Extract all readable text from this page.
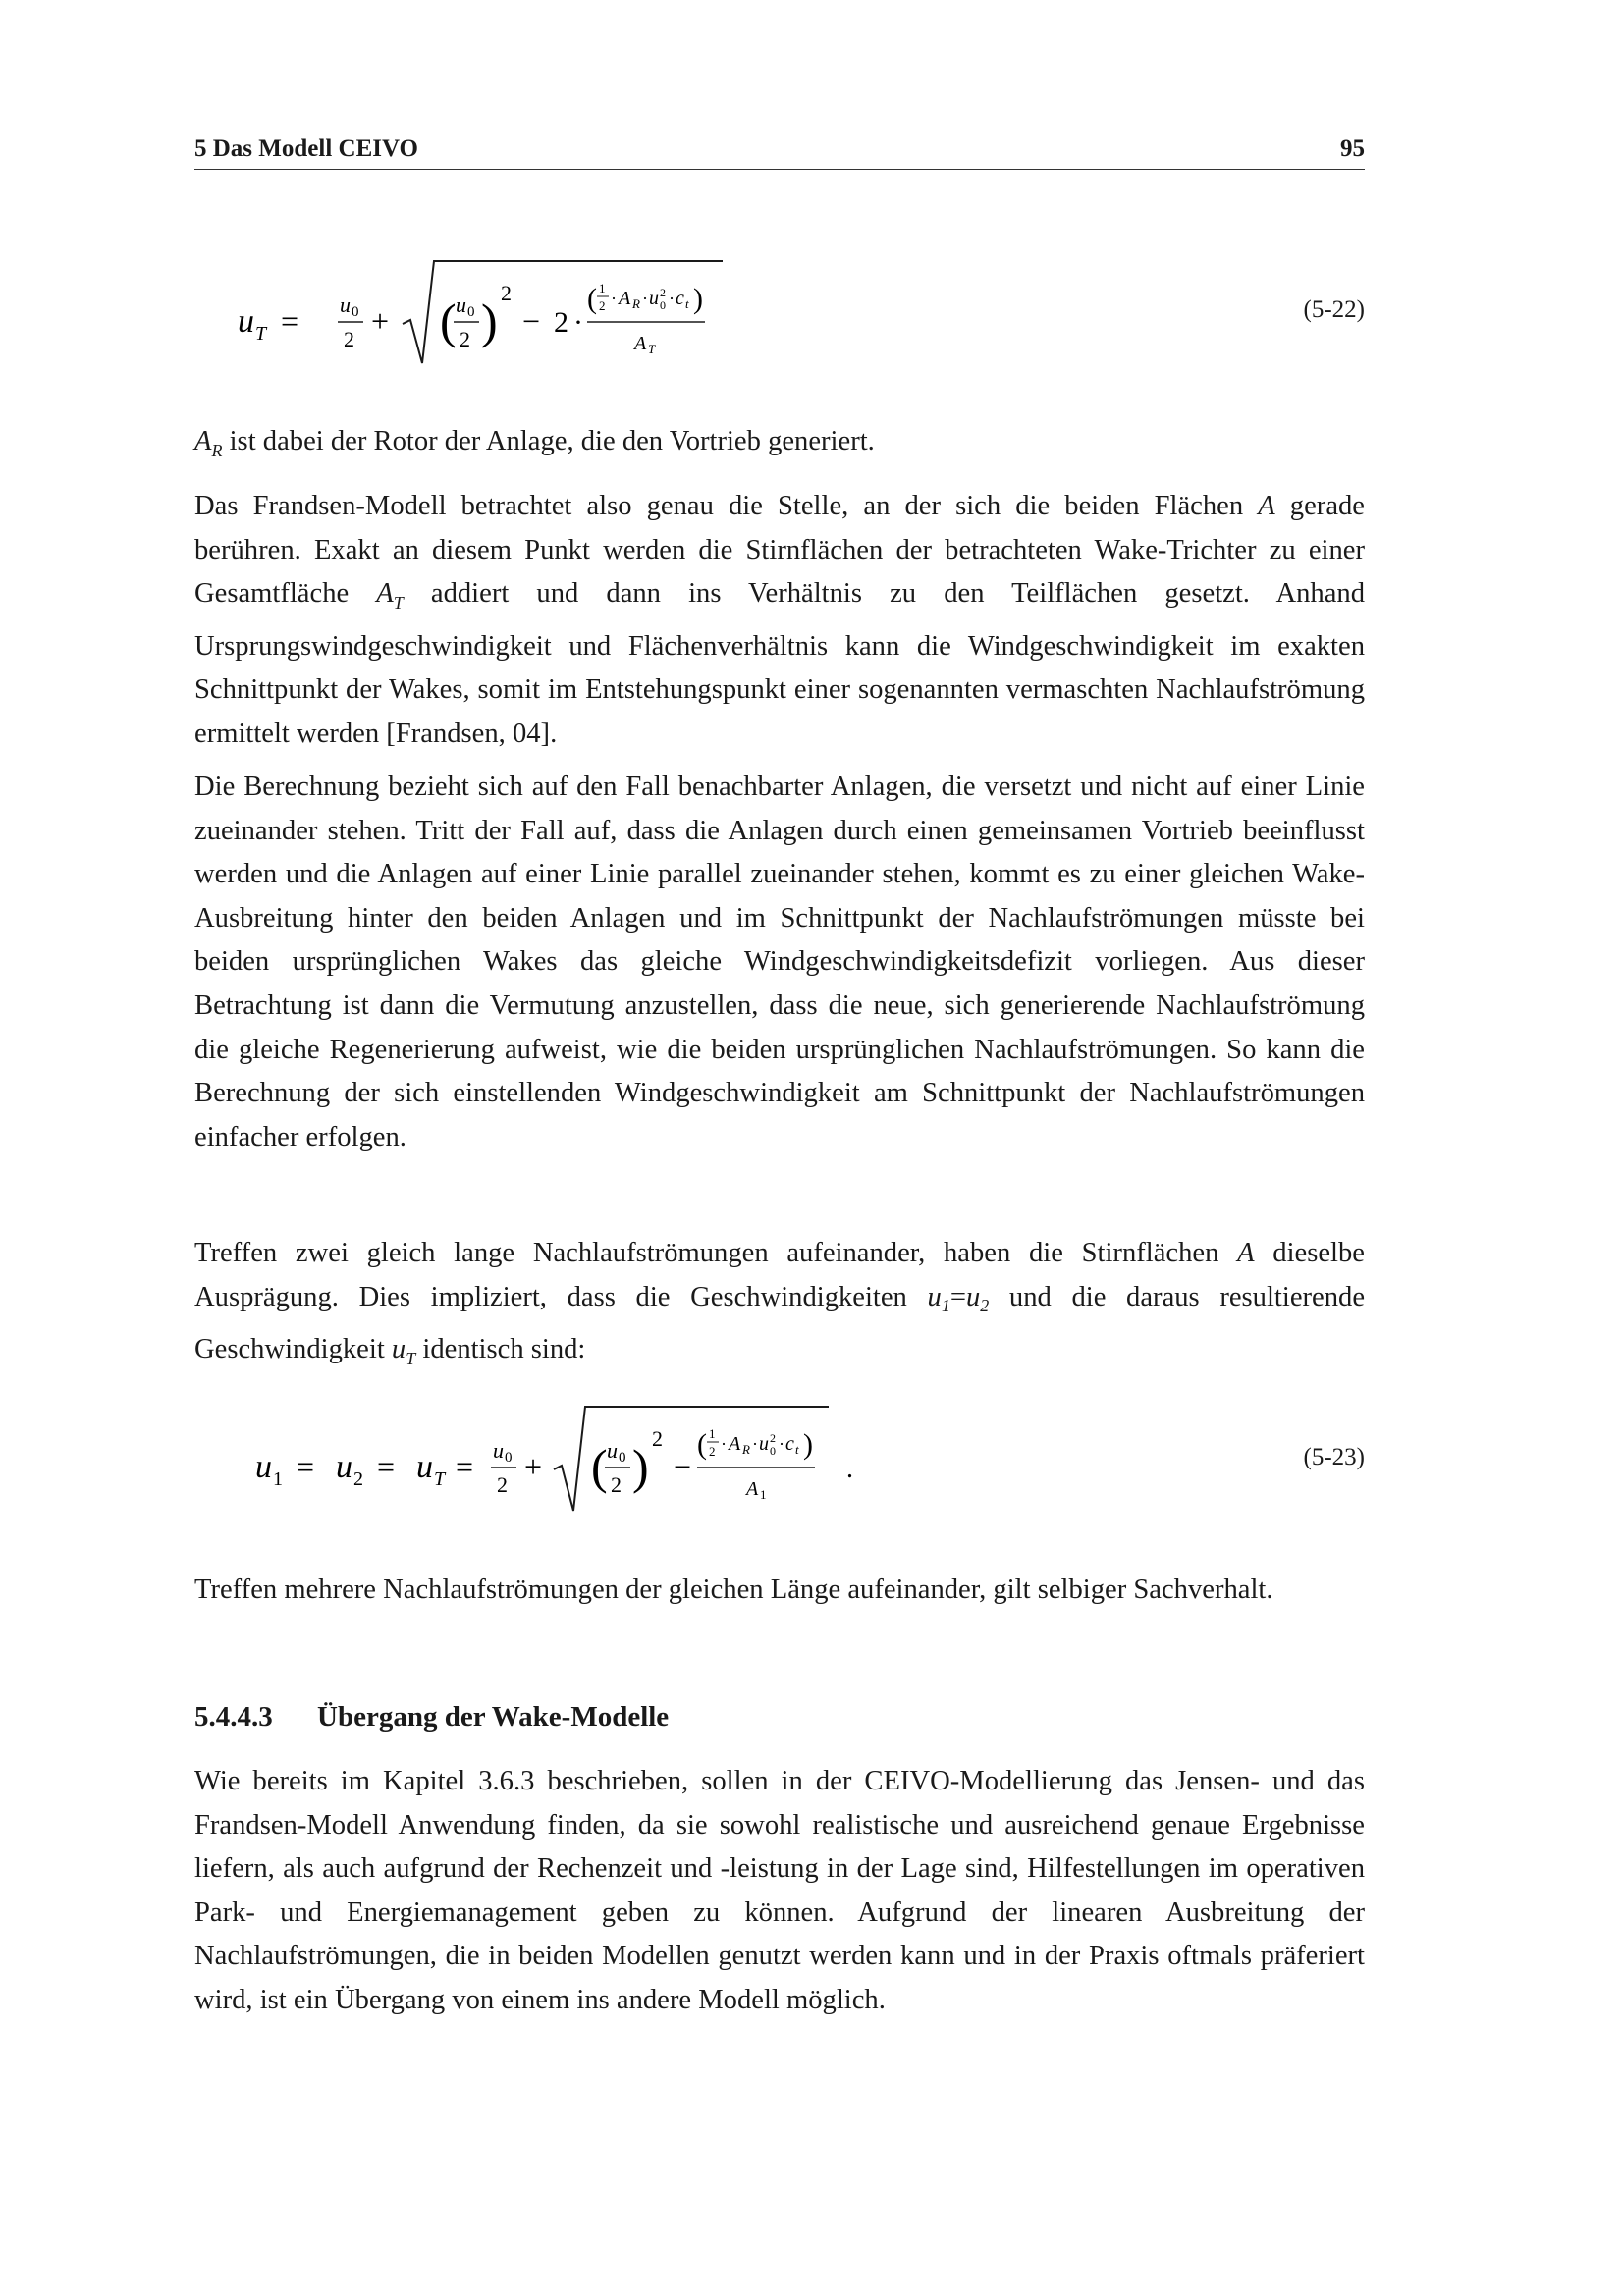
5 Das Modell CEIVO	95
u T = u 0
2
+ ( u 0
2 )
2
− 2 ·
( 1
2 · A R · u 2
0 · c t )
A T
(5-22)

$A_R$ ist dabei der Rotor der Anlage, die den Vortrieb generiert.

Das Frandsen-Modell betrachtet also genau die Stelle, an der sich die beiden Flächen A gerade berühren. Exakt an diesem Punkt werden die Stirnflächen der betrachteten Wake-Trichter zu einer Gesamtfläche $A_T$ addiert und dann ins Verhältnis zu den Teilflächen gesetzt. Anhand Ursprungswindgeschwindigkeit und Flächenverhältnis kann die Windgeschwindigkeit im exakten Schnittpunkt der Wakes, somit im Entstehungspunkt einer sogenannten vermaschten Nachlaufströmung ermittelt werden [Frandsen, 04].

Die Berechnung bezieht sich auf den Fall benachbarter Anlagen, die versetzt und nicht auf einer Linie zueinander stehen. Tritt der Fall auf, dass die Anlagen durch einen gemeinsamen Vortrieb beeinflusst werden und die Anlagen auf einer Linie parallel zueinander stehen, kommt es zu einer gleichen Wake-Ausbreitung hinter den beiden Anlagen und im Schnittpunkt der Nachlaufströmungen müsste bei beiden ursprünglichen Wakes das gleiche Windgeschwindigkeitsdefizit vorliegen. Aus dieser Betrachtung ist dann die Vermutung anzustellen, dass die neue, sich generierende Nachlaufströmung die gleiche Regenerierung aufweist, wie die beiden ursprünglichen Nachlaufströmungen. So kann die Berechnung der sich einstellenden Windgeschwindigkeit am Schnittpunkt der Nachlaufströmungen einfacher erfolgen.

Treffen zwei gleich lange Nachlaufströmungen aufeinander, haben die Stirnflächen A dieselbe Ausprägung. Dies impliziert, dass die Geschwindigkeiten $u_1=u_2$ und die daraus resultierende Geschwindigkeit $u_T$ identisch sind:

u 1 = u 2 = u T = u 0
2
+ ( u 0
2 )
2
−
( 1
2 · A R · u 2
0 · c t )
A 1
.	(5-23)

Treffen mehrere Nachlaufströmungen der gleichen Länge aufeinander, gilt selbiger Sachverhalt.

5.4.4.3 Übergang der Wake-Modelle

Wie bereits im Kapitel 3.6.3 beschrieben, sollen in der CEIVO-Modellierung das Jensen- und das Frandsen-Modell Anwendung finden, da sie sowohl realistische und ausreichend genaue Ergebnisse liefern, als auch aufgrund der Rechenzeit und -leistung in der Lage sind, Hilfestellungen im operativen Park- und Energiemanagement geben zu können. Aufgrund der linearen Ausbreitung der Nachlaufströmungen, die in beiden Modellen genutzt werden kann und in der Praxis oftmals präferiert wird, ist ein Übergang von einem ins andere Modell möglich.
